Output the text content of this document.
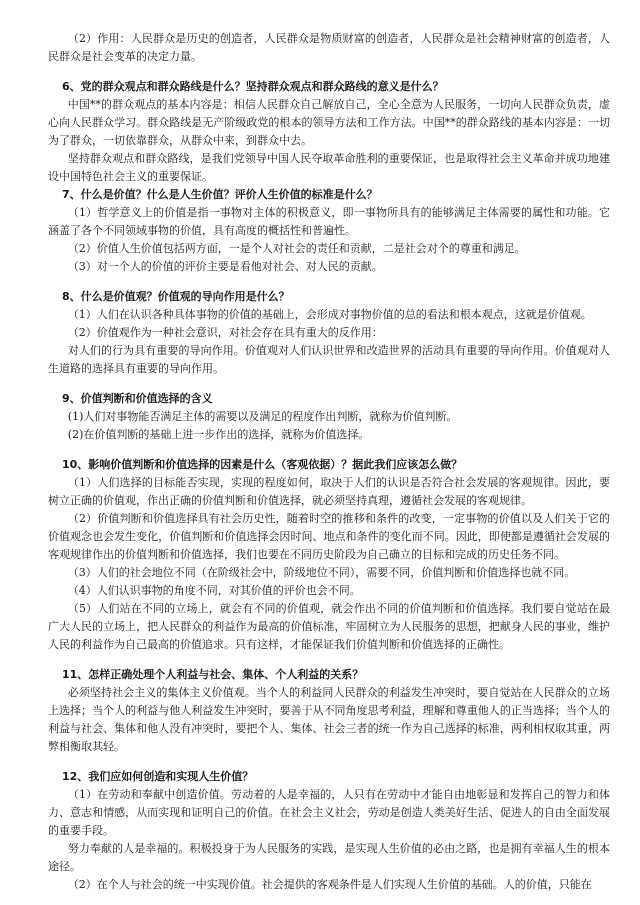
（2）作用：人民群众是历史的创造者，人民群众是物质财富的创造者，人民群众是社会精神财富的创造者，人民群众是社会变革的决定力量。

6、党的群众观点和群众路线是什么？坚持群众观点和群众路线的意义是什么？

中国**的群众观点的基本内容是：相信人民群众自己解放自己，全心全意为人民服务，一切向人民群众负责，虚心向人民群众学习。群众路线是无产阶级政党的根本的领导方法和工作方法。中国**的群众路线的基本内容是：一切为了群众，一切依靠群众，从群众中来，到群众中去。

坚持群众观点和群众路线，是我们党领导中国人民夺取革命胜利的重要保证，也是取得社会主义革命并成功地建设中国特色社会主义的重要保证。

7、什么是价值？什么是人生价值？评价人生价值的标准是什么？

（1）哲学意义上的价值是指一事物对主体的积极意义，即一事物所具有的能够满足主体需要的属性和功能。它涵盖了各个不同领域事物的价值，具有高度的概括性和普遍性。

（2）价值人生价值包括两方面，一是个人对社会的责任和贡献，二是社会对个的尊重和满足。

（3）对一个人的价值的评价主要是看他对社会、对人民的贡献。

8、什么是价值观？价值观的导向作用是什么？

（1）人们在认识各种具体事物的价值的基础上，会形成对事物价值的总的看法和根本观点，这就是价值观。

（2）价值观作为一种社会意识，对社会存在具有重大的反作用：

对人们的行为具有重要的导向作用。价值观对人们认识世界和改造世界的活动具有重要的导向作用。价值观对人生道路的选择具有重要的导向作用。

9、价值判断和价值选择的含义

(1)人们对事物能否满足主体的需要以及满足的程度作出判断，就称为价值判断。

(2)在价值判断的基础上进一步作出的选择，就称为价值选择。

10、影响价值判断和价值选择的因素是什么（客观依据）？据此我们应该怎么做？

（1）人们选择的目标能否实现，实现的程度如何，取决于人们的认识是否符合社会发展的客观规律。因此，要树立正确的价值观，作出正确的价值判断和价值选择，就必须坚持真理，遵循社会发展的客观规律。

（2）价值判断和价值选择具有社会历史性，随着时空的推移和条件的改变，一定事物的价值以及人们关于它的价值观念也会发生变化，价值判断和价值选择会因时间、地点和条件的变化而不同。因此，即使都是遵循社会发展的客观规律作出的价值判断和价值选择，我们也要在不同历史阶段为自己确立的目标和完成的历史任务不同。

（3）人们的社会地位不同（在阶级社会中，阶级地位不同），需要不同，价值判断和价值选择也就不同。

（4）人们认识事物的角度不同，对其价值的评价也会不同。

（5）人们站在不同的立场上，就会有不同的价值观，就会作出不同的价值判断和价值选择。我们要自觉站在最广大人民的立场上，把人民群众的利益作为最高的价值标准，牢固树立为人民服务的思想，把献身人民的事业，维护人民的利益作为自己最高的价值追求。只有这样，才能保证我们价值判断和价值选择的正确性。

11、怎样正确处理个人利益与社会、集体、个人利益的关系？

必须坚持社会主义的集体主义价值观。当个人的利益同人民群众的利益发生冲突时，要自觉站在人民群众的立场上选择；当个人的利益与他人利益发生冲突时，要善于从不同角度思考利益，理解和尊重他人的正当选择；当个人的利益与社会、集体和他人没有冲突时，要把个人、集体、社会三者的统一作为自己选择的标准，两利相权取其重，两弊相衡取其轻。

12、我们应如何创造和实现人生价值？

（1）在劳动和奉献中创造价值。劳动着的人是幸福的，人只有在劳动中才能自由地彰显和发挥自己的智力和体力、意志和情感，从而实现和证明自己的价值。在社会主义社会，劳动是创造人类美好生活、促进人的自由全面发展的重要手段。

努力奉献的人是幸福的。积极投身于为人民服务的实践，是实现人生价值的必由之路，也是拥有幸福人生的根本途径。

（2）在个人与社会的统一中实现价值。社会提供的客观条件是人们实现人生价值的基础。人的价值，只能在
